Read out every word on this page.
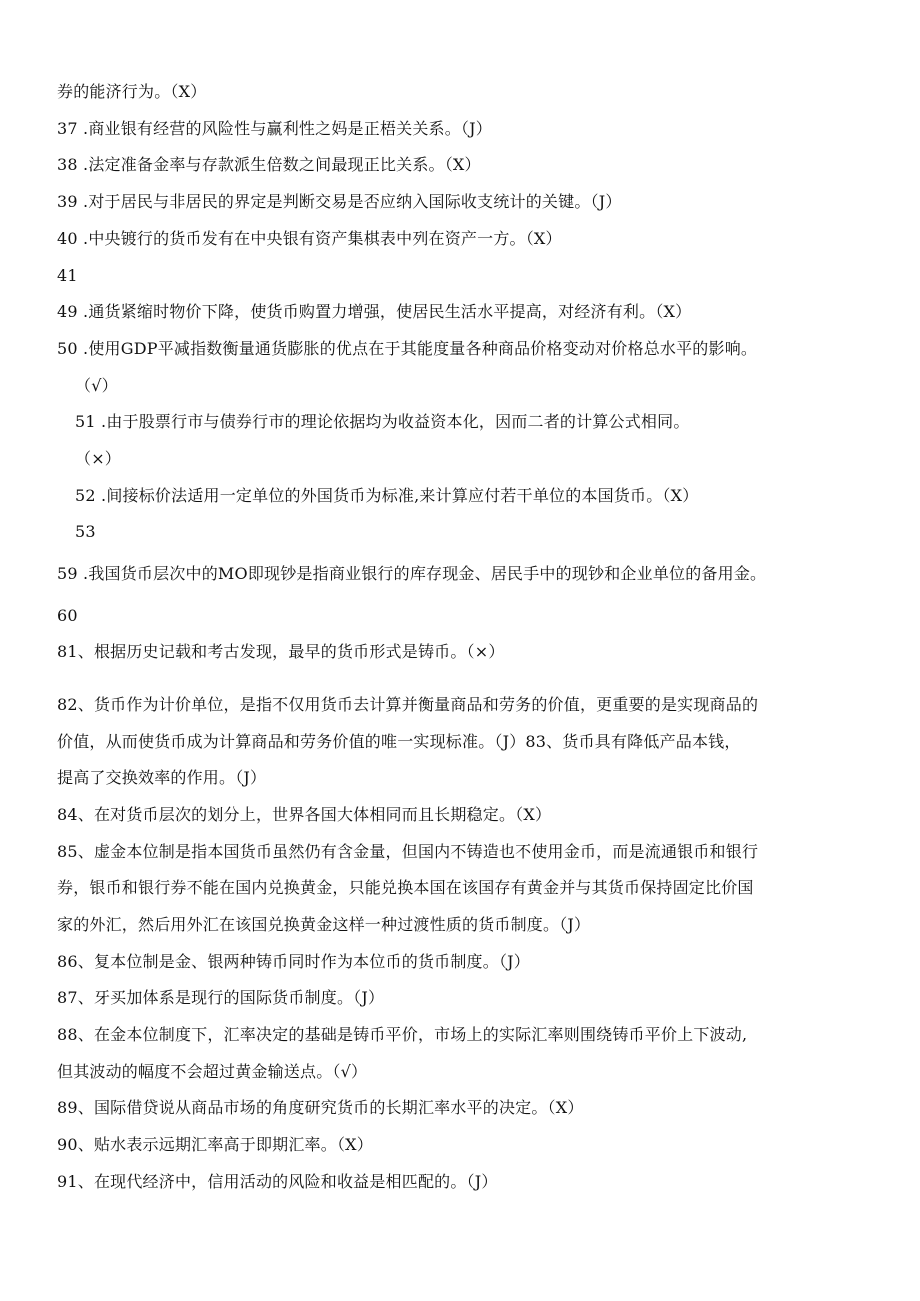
券的能济行为。（X）
37 .商业银有经营的风险性与赢利性之妈是正梧关关系。（J）
38 .法定准备金率与存款派生倍数之间最现正比关系。（X）
39 .对于居民与非居民的界定是判断交易是否应纳入国际收支统计的关键。（J）
40 .中央镀行的货币发有在中央银有资产集棋表中列在资产一方。（X）
41
49 .通货紧缩时物价下降，使货币购置力增强，使居民生活水平提高，对经济有利。（X）
50 .使用GDP平减指数衡量通货膨胀的优点在于其能度量各种商品价格变动对价格总水平的影响。
（√）
51 .由于股票行市与债券行市的理论依据均为收益资本化，因而二者的计算公式相同。
（×）
52 .间接标价法适用一定单位的外国货币为标准,来计算应付若干单位的本国货币。（X）
53
59 .我国货币层次中的MO即现钞是指商业银行的库存现金、居民手中的现钞和企业单位的备用金。
60
81、根据历史记载和考古发现，最早的货币形式是铸币。（×）
82、货币作为计价单位，是指不仅用货币去计算并衡量商品和劳务的价值，更重要的是实现商品的
价值，从而使货币成为计算商品和劳务价值的唯一实现标准。（J）83、货币具有降低产品本钱，
提高了交换效率的作用。（J）
84、在对货币层次的划分上，世界各国大体相同而且长期稳定。（X）
85、虚金本位制是指本国货币虽然仍有含金量，但国内不铸造也不使用金币，而是流通银币和银行
券，银币和银行券不能在国内兑换黄金，只能兑换本国在该国存有黄金并与其货币保持固定比价国
家的外汇，然后用外汇在该国兑换黄金这样一种过渡性质的货币制度。（J）
86、复本位制是金、银两种铸币同时作为本位币的货币制度。（J）
87、牙买加体系是现行的国际货币制度。（J）
88、在金本位制度下，汇率决定的基础是铸币平价，市场上的实际汇率则围绕铸币平价上下波动,
但其波动的幅度不会超过黄金输送点。（√）
89、国际借贷说从商品市场的角度研究货币的长期汇率水平的决定。（X）
90、贴水表示远期汇率高于即期汇率。（X）
91、在现代经济中，信用活动的风险和收益是相匹配的。（J）
